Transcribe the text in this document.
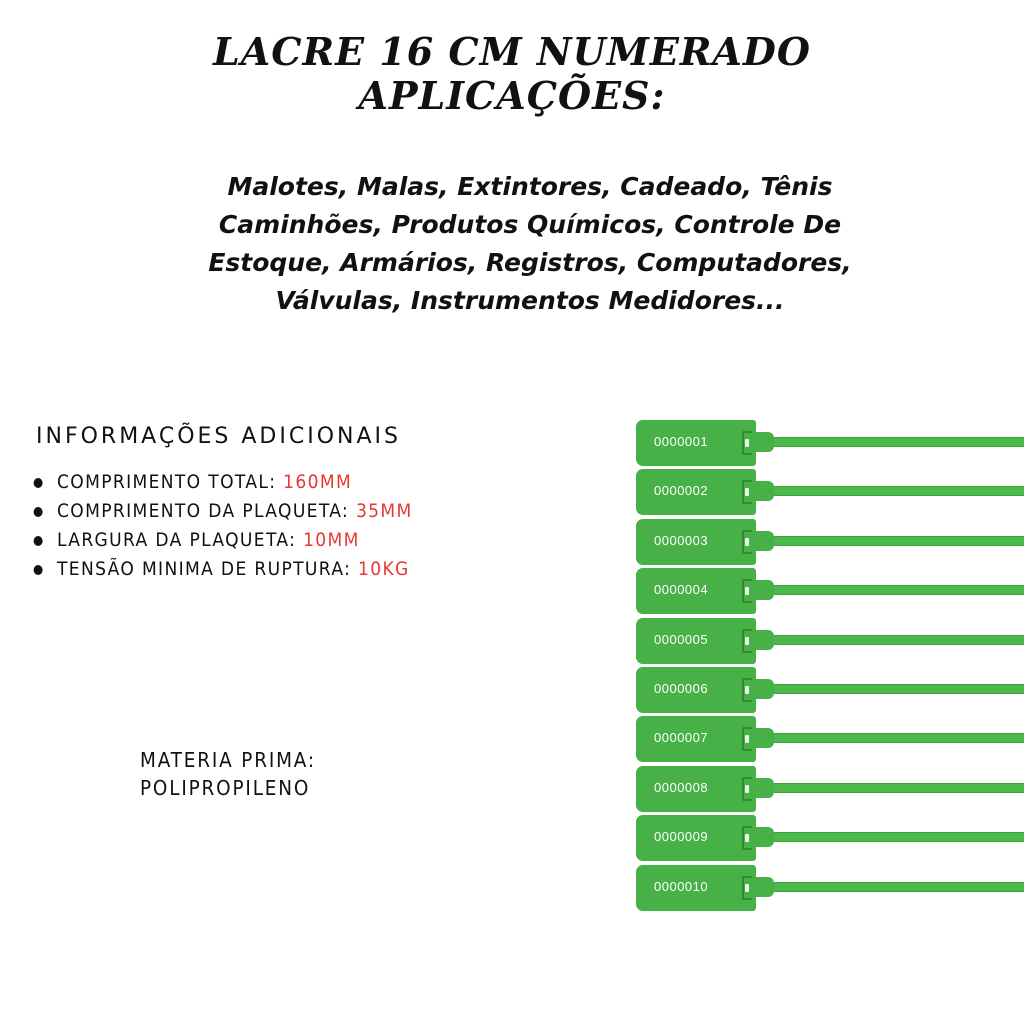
LACRE 16 CM NUMERADO
APLICAÇÕES:
Malotes, Malas, Extintores, Cadeado, Tênis
Caminhões, Produtos Químicos, Controle De
Estoque, Armários, Registros, Computadores,
Válvulas, Instrumentos Medidores...
INFORMAÇÕES ADICIONAIS
COMPRIMENTO TOTAL: 160MM
COMPRIMENTO DA PLAQUETA: 35MM
LARGURA DA PLAQUETA: 10MM
TENSÃO MINIMA DE RUPTURA: 10KG
MATERIA PRIMA:
POLIPROPILENO
0000001
0000002
0000003
0000004
0000005
0000006
0000007
0000008
0000009
0000010
